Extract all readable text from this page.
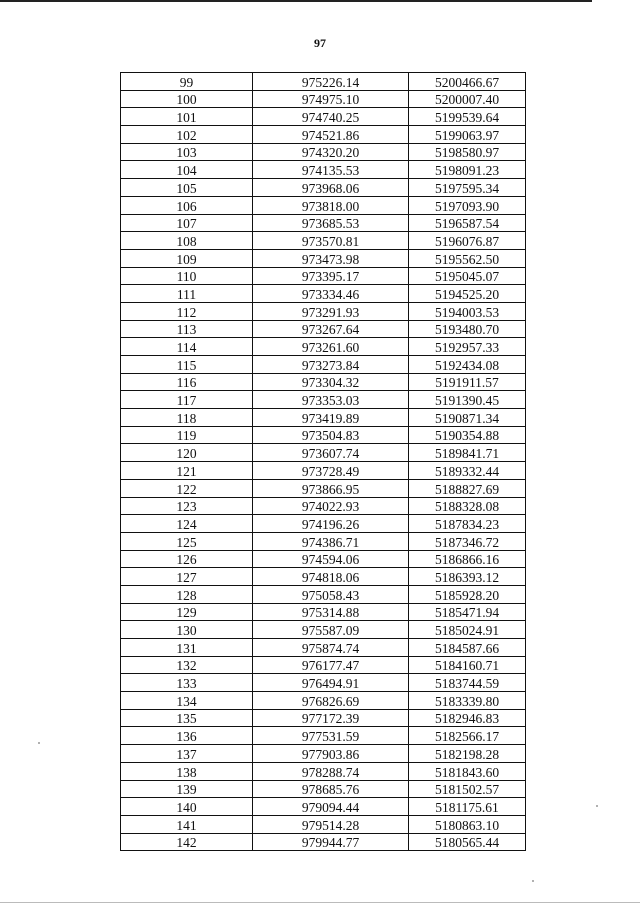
97
99	975226.14	5200466.67
100	974975.10	5200007.40
101	974740.25	5199539.64
102	974521.86	5199063.97
103	974320.20	5198580.97
104	974135.53	5198091.23
105	973968.06	5197595.34
106	973818.00	5197093.90
107	973685.53	5196587.54
108	973570.81	5196076.87
109	973473.98	5195562.50
110	973395.17	5195045.07
111	973334.46	5194525.20
112	973291.93	5194003.53
113	973267.64	5193480.70
114	973261.60	5192957.33
115	973273.84	5192434.08
116	973304.32	5191911.57
117	973353.03	5191390.45
118	973419.89	5190871.34
119	973504.83	5190354.88
120	973607.74	5189841.71
121	973728.49	5189332.44
122	973866.95	5188827.69
123	974022.93	5188328.08
124	974196.26	5187834.23
125	974386.71	5187346.72
126	974594.06	5186866.16
127	974818.06	5186393.12
128	975058.43	5185928.20
129	975314.88	5185471.94
130	975587.09	5185024.91
131	975874.74	5184587.66
132	976177.47	5184160.71
133	976494.91	5183744.59
134	976826.69	5183339.80
135	977172.39	5182946.83
136	977531.59	5182566.17
137	977903.86	5182198.28
138	978288.74	5181843.60
139	978685.76	5181502.57
140	979094.44	5181175.61
141	979514.28	5180863.10
142	979944.77	5180565.44
